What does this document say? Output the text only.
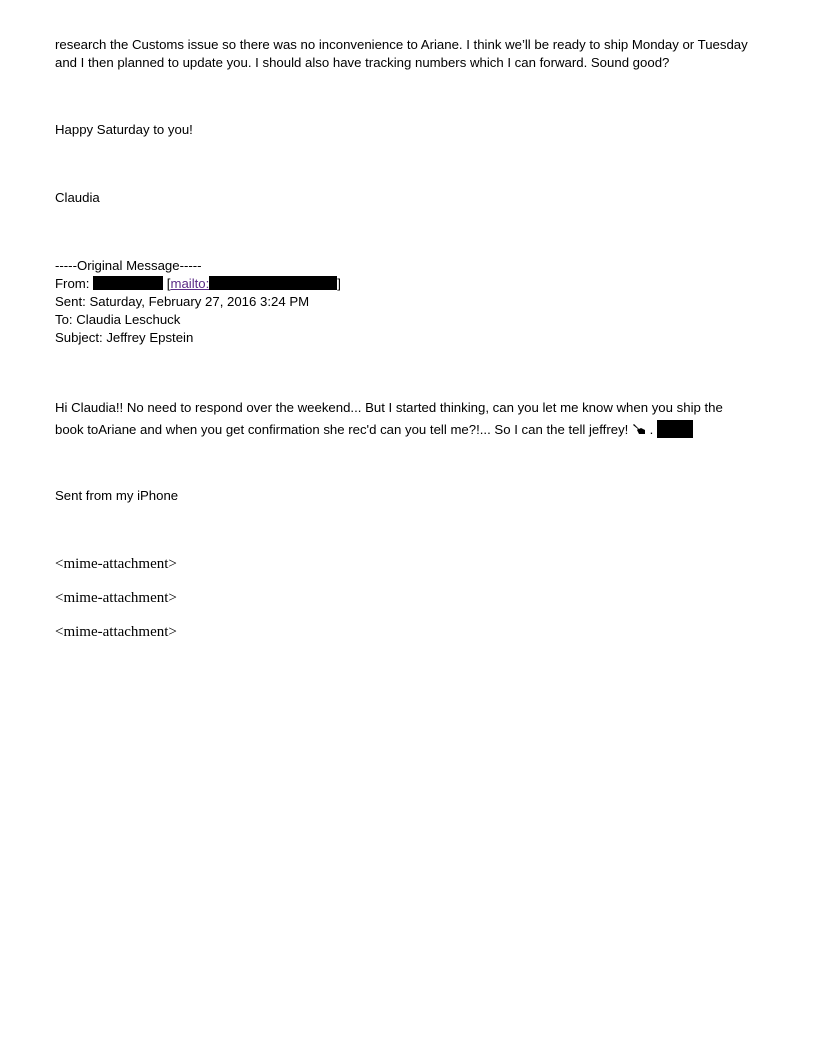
research the Customs issue so there was no inconvenience to Ariane. I think we’ll be ready to ship Monday or Tuesday
and I then planned to update you. I should also have tracking numbers which I can forward. Sound good?
Happy Saturday to you!
Claudia
-----Original Message-----
From:	[mailto:	]
Sent: Saturday, February 27, 2016 3:24 PM
To: Claudia Leschuck
Subject: Jeffrey Epstein
Hi Claudia!! No need to respond over the weekend... But I started thinking, can you let me know when you ship the
book toAriane and when you get confirmation she rec'd can you tell me?!... So I can the tell jeffrey!  .
Sent from my iPhone
<mime-attachment>
<mime-attachment>
<mime-attachment>
